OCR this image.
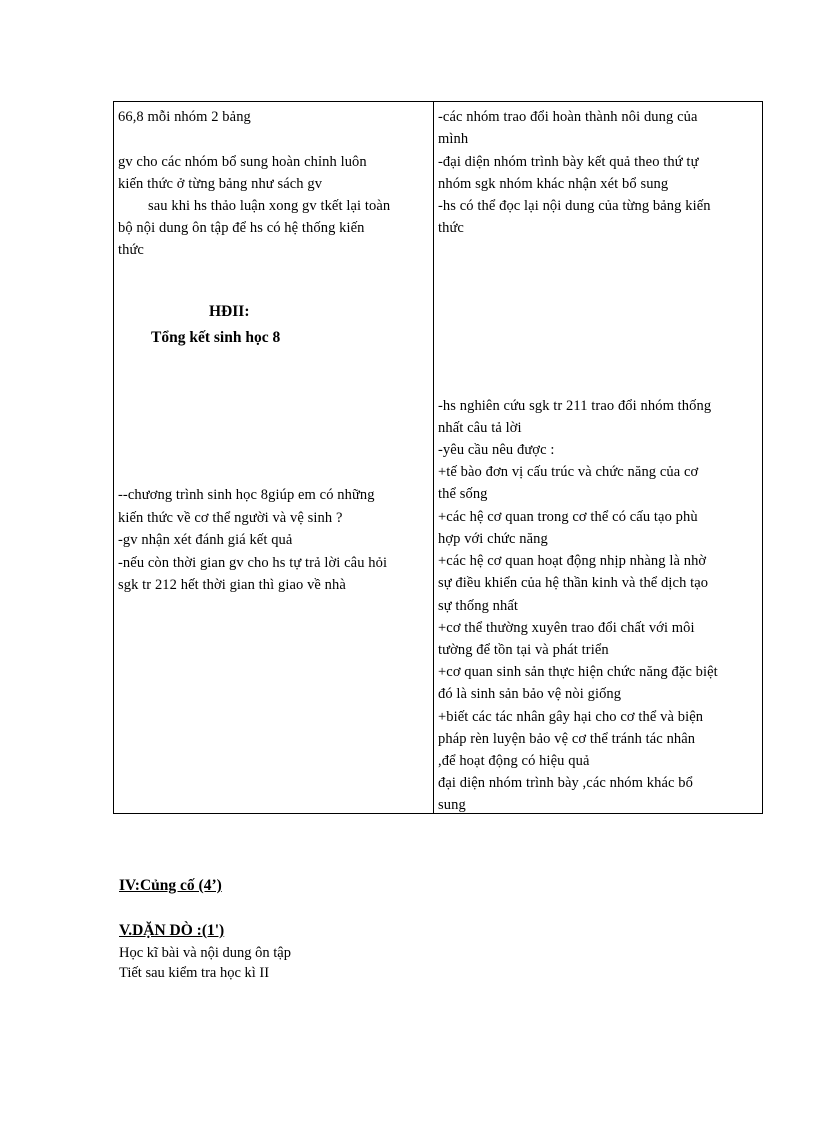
66,8 mỗi nhóm 2 bảng
gv cho các nhóm bổ sung hoàn chỉnh luôn
kiến thức ở từng bảng như sách gv
sau khi hs thảo luận xong gv tkết lại toàn
bộ nội dung ôn tập để hs có hệ thống kiến
thức
HĐII:
Tổng kết sinh học 8
--chương trình sinh học 8giúp em có những
kiến thức về cơ thể người và vệ sinh ?
-gv nhận xét đánh giá kết quả
-nếu còn thời gian gv cho hs tự trả lời câu hỏi
sgk tr 212 hết thời gian thì giao về nhà
-các nhóm trao đổi hoàn thành nôi dung của
mình
-đại diện nhóm trình bày kết quả theo thứ tự
nhóm sgk nhóm khác nhận xét bổ sung
-hs có thể đọc lại nội dung của từng bảng kiến
thức
-hs nghiên cứu sgk tr 211 trao đổi nhóm thống
nhất câu tả lời
-yêu cầu nêu được :
+tế bào đơn vị cấu trúc và chức năng của cơ
thể sống
+các hệ cơ quan trong cơ thể có cấu tạo phù
hợp với chức năng
+các hệ cơ quan hoạt động nhịp nhàng là nhờ
sự điều khiển của hệ thần kinh và thể dịch tạo
sự thống nhất
+cơ thể thường xuyên trao đổi chất với môi
tường để tồn tại và phát triển
+cơ quan sinh sản thực hiện chức năng đặc biệt
đó là sinh sản bảo vệ nòi giống
+biết các tác nhân gây hại cho cơ thể và biện
pháp rèn luyện bảo vệ cơ thể tránh tác nhân
,để hoạt động có hiệu quả
đại diện nhóm trình bày ,các nhóm khác bổ
sung
IV:Củng cố (4’)
V.DẶN DÒ :(1')
Học kĩ bài và nội dung ôn tập
Tiết sau kiểm tra học kì II
